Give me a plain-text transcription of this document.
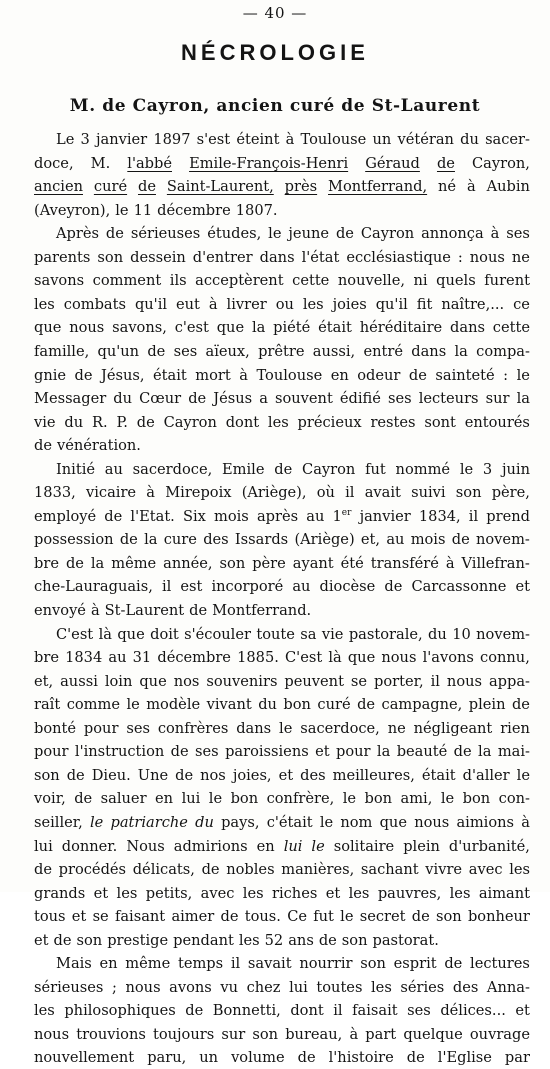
— 40 —

NÉCROLOGIE
M. de Cayron, ancien curé de St-Laurent
Le 3 janvier 1897 s'est éteint à Toulouse un vétéran du sacer-
doce, M. l'abbé Emile-François-Henri Géraud de Cayron,
ancien curé de Saint-Laurent, près Montferrand, né à Aubin
(Aveyron), le 11 décembre 1807.
Après de sérieuses études, le jeune de Cayron annonça à ses
parents son dessein d'entrer dans l'état ecclésiastique : nous ne
savons comment ils acceptèrent cette nouvelle, ni quels furent
les combats qu'il eut à livrer ou les joies qu'il fit naître,... ce
que nous savons, c'est que la piété était héréditaire dans cette
famille, qu'un de ses aïeux, prêtre aussi, entré dans la compa-
gnie de Jésus, était mort à Toulouse en odeur de sainteté : le
Messager du Cœur de Jésus a souvent édifié ses lecteurs sur la
vie du R. P. de Cayron dont les précieux restes sont entourés
de vénération.
Initié au sacerdoce, Emile de Cayron fut nommé le 3 juin
1833, vicaire à Mirepoix (Ariège), où il avait suivi son père,
employé de l'Etat. Six mois après au 1er janvier 1834, il prend
possession de la cure des Issards (Ariège) et, au mois de novem-
bre de la même année, son père ayant été transféré à Villefran-
che-Lauraguais, il est incorporé au diocèse de Carcassonne et
envoyé à St-Laurent de Montferrand.
C'est là que doit s'écouler toute sa vie pastorale, du 10 novem-
bre 1834 au 31 décembre 1885. C'est là que nous l'avons connu,
et, aussi loin que nos souvenirs peuvent se porter, il nous appa-
raît comme le modèle vivant du bon curé de campagne, plein de
bonté pour ses confrères dans le sacerdoce, ne négligeant rien
pour l'instruction de ses paroissiens et pour la beauté de la mai-
son de Dieu. Une de nos joies, et des meilleures, était d'aller le
voir, de saluer en lui le bon confrère, le bon ami, le bon con-
seiller, le patriarche du pays, c'était le nom que nous aimions à
lui donner. Nous admirions en lui le solitaire plein d'urbanité,
de procédés délicats, de nobles manières, sachant vivre avec les
grands et les petits, avec les riches et les pauvres, les aimant
tous et se faisant aimer de tous. Ce fut le secret de son bonheur
et de son prestige pendant les 52 ans de son pastorat.
Mais en même temps il savait nourrir son esprit de lectures
sérieuses ; nous avons vu chez lui toutes les séries des Anna-
les philosophiques de Bonnetti, dont il faisait ses délices... et
nous trouvions toujours sur son bureau, à part quelque ouvrage
nouvellement paru, un volume de l'histoire de l'Eglise par
